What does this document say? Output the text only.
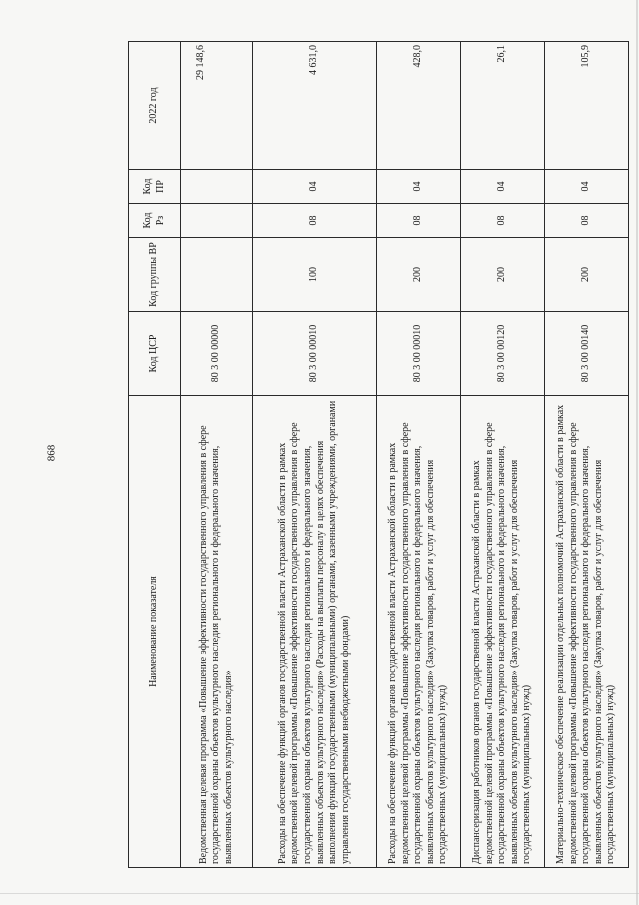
868
Наименование показателя	Код ЦСР	Код группы ВР	Код Рз	Код ПР	2022 год
Ведомственная целевая программа «Повышение эффективности государственного управления в сфере государственной охраны объектов культурного наследия регионального и федерального значения, выявленных объектов культурного наследия»	80 3 00 00000				29 148,6
Расходы на обеспечение функций органов государственной власти Астраханской области в рамках ведомственной целевой программы «Повышение эффективности государственного управления в сфере государственной охраны объектов культурного наследия регионального и федерального значения, выявленных объектов культурного наследия» (Расходы на выплаты персоналу в целях обеспечения выполнения функций государственными (муниципальными) органами, казенными учреждениями, органами управления государственными внебюджетными фондами)	80 3 00 00010	100	08	04	4 631,0
Расходы на обеспечение функций органов государственной власти Астраханской области в рамках ведомственной целевой программы «Повышение эффективности государственного управления в сфере государственной охраны объектов культурного наследия регионального и федерального значения, выявленных объектов культурного наследия» (Закупка товаров, работ и услуг для обеспечения государственных (муниципальных) нужд)	80 3 00 00010	200	08	04	428,0
Диспансеризация работников органов государственной власти Астраханской области в рамках ведомственной целевой программы «Повышение эффективности государственного управления в сфере государственной охраны объектов культурного наследия регионального и федерального значения, выявленных объектов культурного наследия» (Закупка товаров, работ и услуг для обеспечения государственных (муниципальных) нужд)	80 3 00 00120	200	08	04	26,1
Материально-техническое обеспечение реализации отдельных полномочий Астраханской области в рамках ведомственной целевой программы «Повышение эффективности государственного управления в сфере государственной охраны объектов культурного наследия регионального и федерального значения, выявленных объектов культурного наследия» (Закупка товаров, работ и услуг для обеспечения государственных (муниципальных) нужд)	80 3 00 00140	200	08	04	105,9
